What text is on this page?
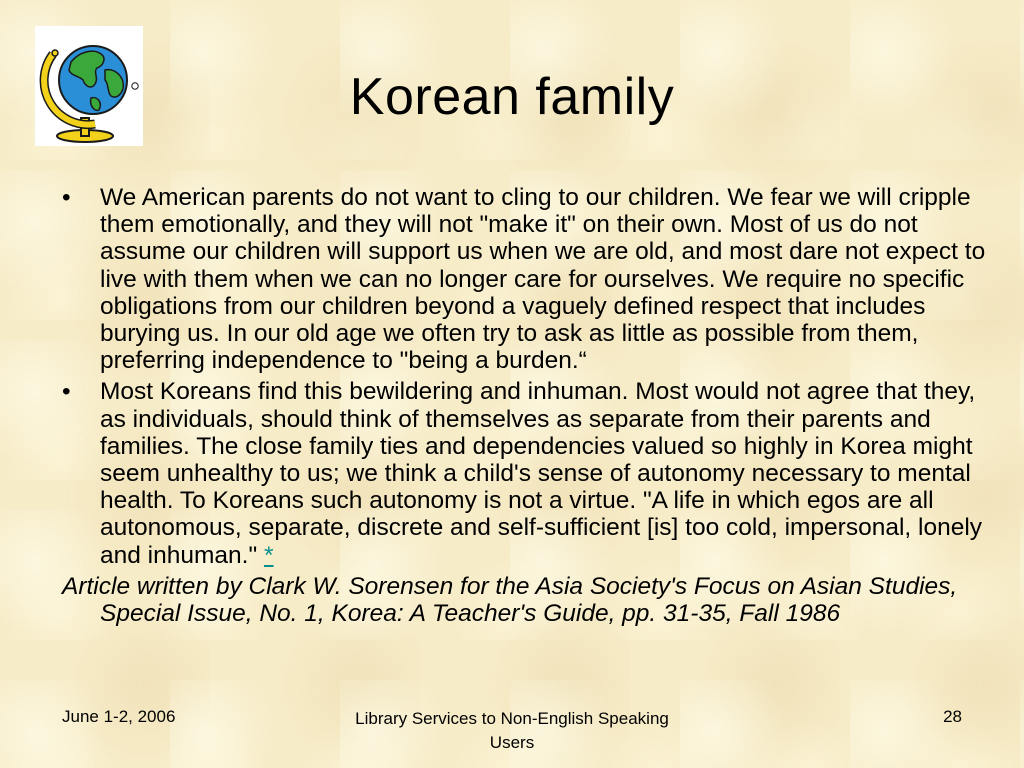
Korean family
• We American parents do not want to cling to our children. We fear we will cripple them emotionally, and they will not "make it" on their own. Most of us do not assume our children will support us when we are old, and most dare not expect to live with them when we can no longer care for ourselves. We require no specific obligations from our children beyond a vaguely defined respect that includes burying us. In our old age we often try to ask as little as possible from them, preferring independence to "being a burden.“
• Most Koreans find this bewildering and inhuman. Most would not agree that they, as individuals, should think of themselves as separate from their parents and families. The close family ties and dependencies valued so highly in Korea might seem unhealthy to us; we think a child's sense of autonomy necessary to mental health. To Koreans such autonomy is not a virtue. "A life in which egos are all autonomous, separate, discrete and self-sufficient [is] too cold, impersonal, lonely and inhuman." *
Article written by Clark W. Sorensen for the Asia Society's Focus on Asian Studies, Special Issue, No. 1, Korea: A Teacher's Guide, pp. 31-35, Fall 1986
June 1-2, 2006	Library Services to Non-English Speaking Users
28
